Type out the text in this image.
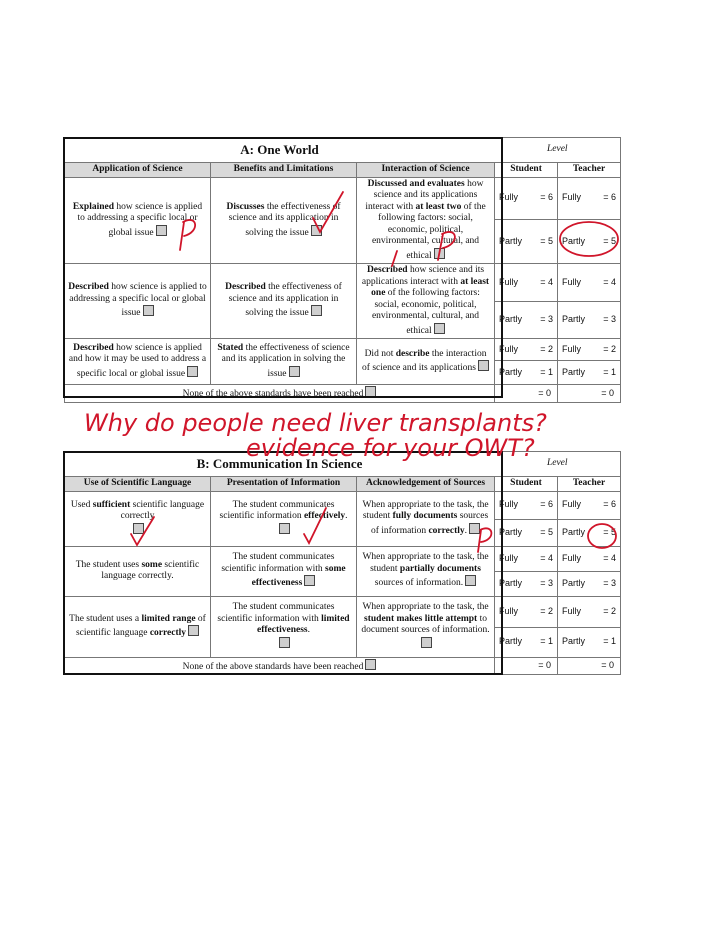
A: One World			Level	
Application of Science	Benefits and Limitations	Interaction of Science	Student	Teacher
Explained how science is applied to addressing a specific local or global issue	Discusses the effectiveness of science and its application in solving the issue	Discussed and evaluates how science and its applications interact with at least two of the following factors: social, economic, political, environmental, cultural, and ethical	Fully = 6	Fully = 6

			Partly = 5	Partly = 5

Described how science is applied to addressing a specific local or global issue	Described the effectiveness of science and its application in solving the issue	Described how science and its applications interact with at least one of the following factors: social, economic, political, environmental, cultural, and ethical	Fully = 4	Fully = 4

			Partly = 3	Partly = 3

Described how science is applied and how it may be used to address a specific local or global issue	Stated the effectiveness of science and its application in solving the issue	Did not describe the interaction of science and its applications	Fully = 2	Fully = 2

			Partly = 1	Partly = 1

None of the above standards have been reached			= 0	= 0
B: Communication In Science			Level	
Use of Scientific Language	Presentation of Information	Acknowledgement of Sources	Student	Teacher
Used sufficient scientific language correctly	The student communicates scientific information effectively.	When appropriate to the task, the student fully documents sources of information correctly.	Fully = 6	Fully = 6

			Partly = 5	Partly = 5

The student uses some scientific language correctly.	The student communicates scientific information with some effectiveness	When appropriate to the task, the student partially documents sources of information.	Fully = 4	Fully = 4

			Partly = 3	Partly = 3

The student uses a limited range of scientific language correctly	The student communicates scientific information with limited effectiveness.	When appropriate to the task, the student makes little attempt to document sources of information.	Fully = 2	Fully = 2

			Partly = 1	Partly = 1

None of the above standards have been reached			= 0	= 0
Why do people need liver transplants?
evidence for your OWT?
